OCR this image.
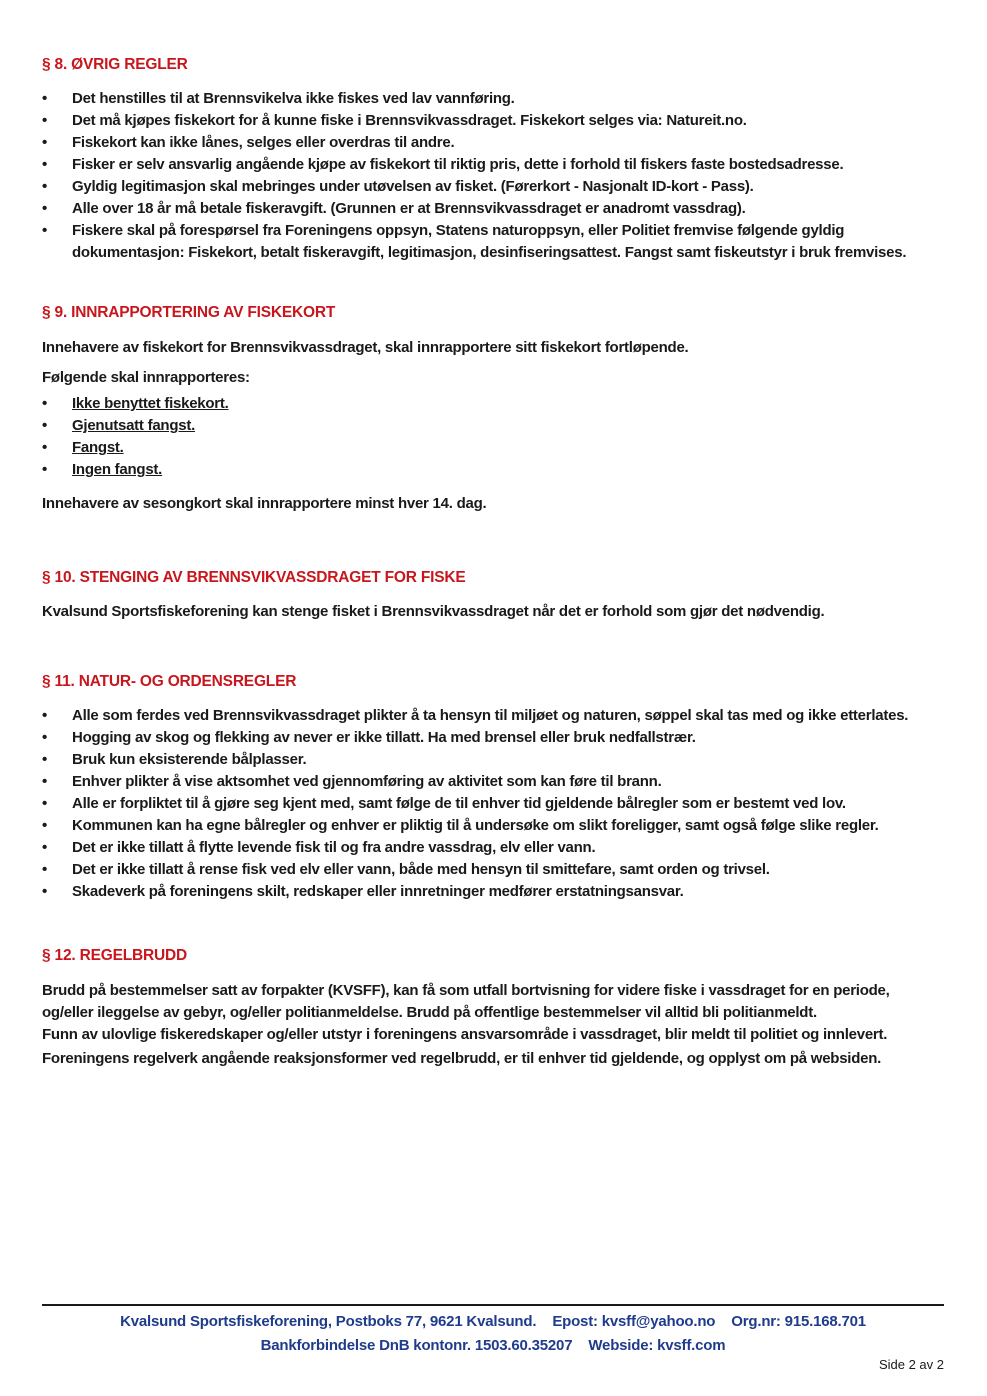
§ 8. ØVRIG REGLER
•	Det henstilles til at Brennsvikelva ikke fiskes ved lav vannføring.
•	Det må kjøpes fiskekort for å kunne fiske i Brennsvikvassdraget. Fiskekort selges via: Natureit.no.
•	Fiskekort kan ikke lånes, selges eller overdras til andre.
•	Fisker er selv ansvarlig angående kjøpe av fiskekort til riktig pris, dette i forhold til fiskers faste bostedsadresse.
•	Gyldig legitimasjon skal mebringes under utøvelsen av fisket. (Førerkort - Nasjonalt ID-kort - Pass).
•	Alle over 18 år må betale fiskeravgift. (Grunnen er at Brennsvikvassdraget er anadromt vassdrag).
•	Fiskere skal på forespørsel fra Foreningens oppsyn, Statens naturoppsyn, eller Politiet fremvise følgende gyldig dokumentasjon: Fiskekort, betalt fiskeravgift, legitimasjon, desinfiseringsattest. Fangst samt fiskeutstyr i bruk fremvises.
§ 9. INNRAPPORTERING AV FISKEKORT
Innehavere av fiskekort for Brennsvikvassdraget, skal innrapportere sitt fiskekort fortløpende.
Følgende skal innrapporteres:
•	Ikke benyttet fiskekort.
•	Gjenutsatt fangst.
•	Fangst.
•	Ingen fangst.
Innehavere av sesongkort skal innrapportere minst hver 14. dag.
§ 10. STENGING AV BRENNSVIKVASSDRAGET FOR FISKE
Kvalsund Sportsfiskeforening kan stenge fisket i Brennsvikvassdraget når det er forhold som gjør det nødvendig.
§ 11. NATUR- OG ORDENSREGLER
•	Alle som ferdes ved Brennsvikvassdraget plikter å ta hensyn til miljøet og naturen, søppel skal tas med og ikke etterlates.
•	Hogging av skog og flekking av never er ikke tillatt. Ha med brensel eller bruk nedfallstrær.
•	Bruk kun eksisterende bålplasser.
•	Enhver plikter å vise aktsomhet ved gjennomføring av aktivitet som kan føre til brann.
•	Alle er forpliktet til å gjøre seg kjent med, samt følge de til enhver tid gjeldende bålregler som er bestemt ved lov.
•	Kommunen kan ha egne bålregler og enhver er pliktig til å undersøke om slikt foreligger, samt også følge slike regler.
•	Det er ikke tillatt å flytte levende fisk til og fra andre vassdrag, elv eller vann.
•	Det er ikke tillatt å rense fisk ved elv eller vann, både med hensyn til smittefare, samt orden og trivsel.
•	Skadeverk på foreningens skilt, redskaper eller innretninger medfører erstatningsansvar.
§ 12. REGELBRUDD
Brudd på bestemmelser satt av forpakter (KVSFF), kan få som utfall bortvisning for videre fiske i vassdraget for en periode, og/eller ileggelse av gebyr, og/eller politianmeldelse. Brudd på offentlige bestemmelser vil alltid bli politianmeldt.
Funn av ulovlige fiskeredskaper og/eller utstyr i foreningens ansvarsområde i vassdraget, blir meldt til politiet og innlevert.
Foreningens regelverk angående reaksjonsformer ved regelbrudd, er til enhver tid gjeldende, og opplyst om på websiden.
Kvalsund Sportsfiskeforening, Postboks 77, 9621 Kvalsund. Epost: kvsff@yahoo.no Org.nr: 915.168.701
Bankforbindelse DnB kontonr. 1503.60.35207 Webside: kvsff.com
Side 2 av 2
